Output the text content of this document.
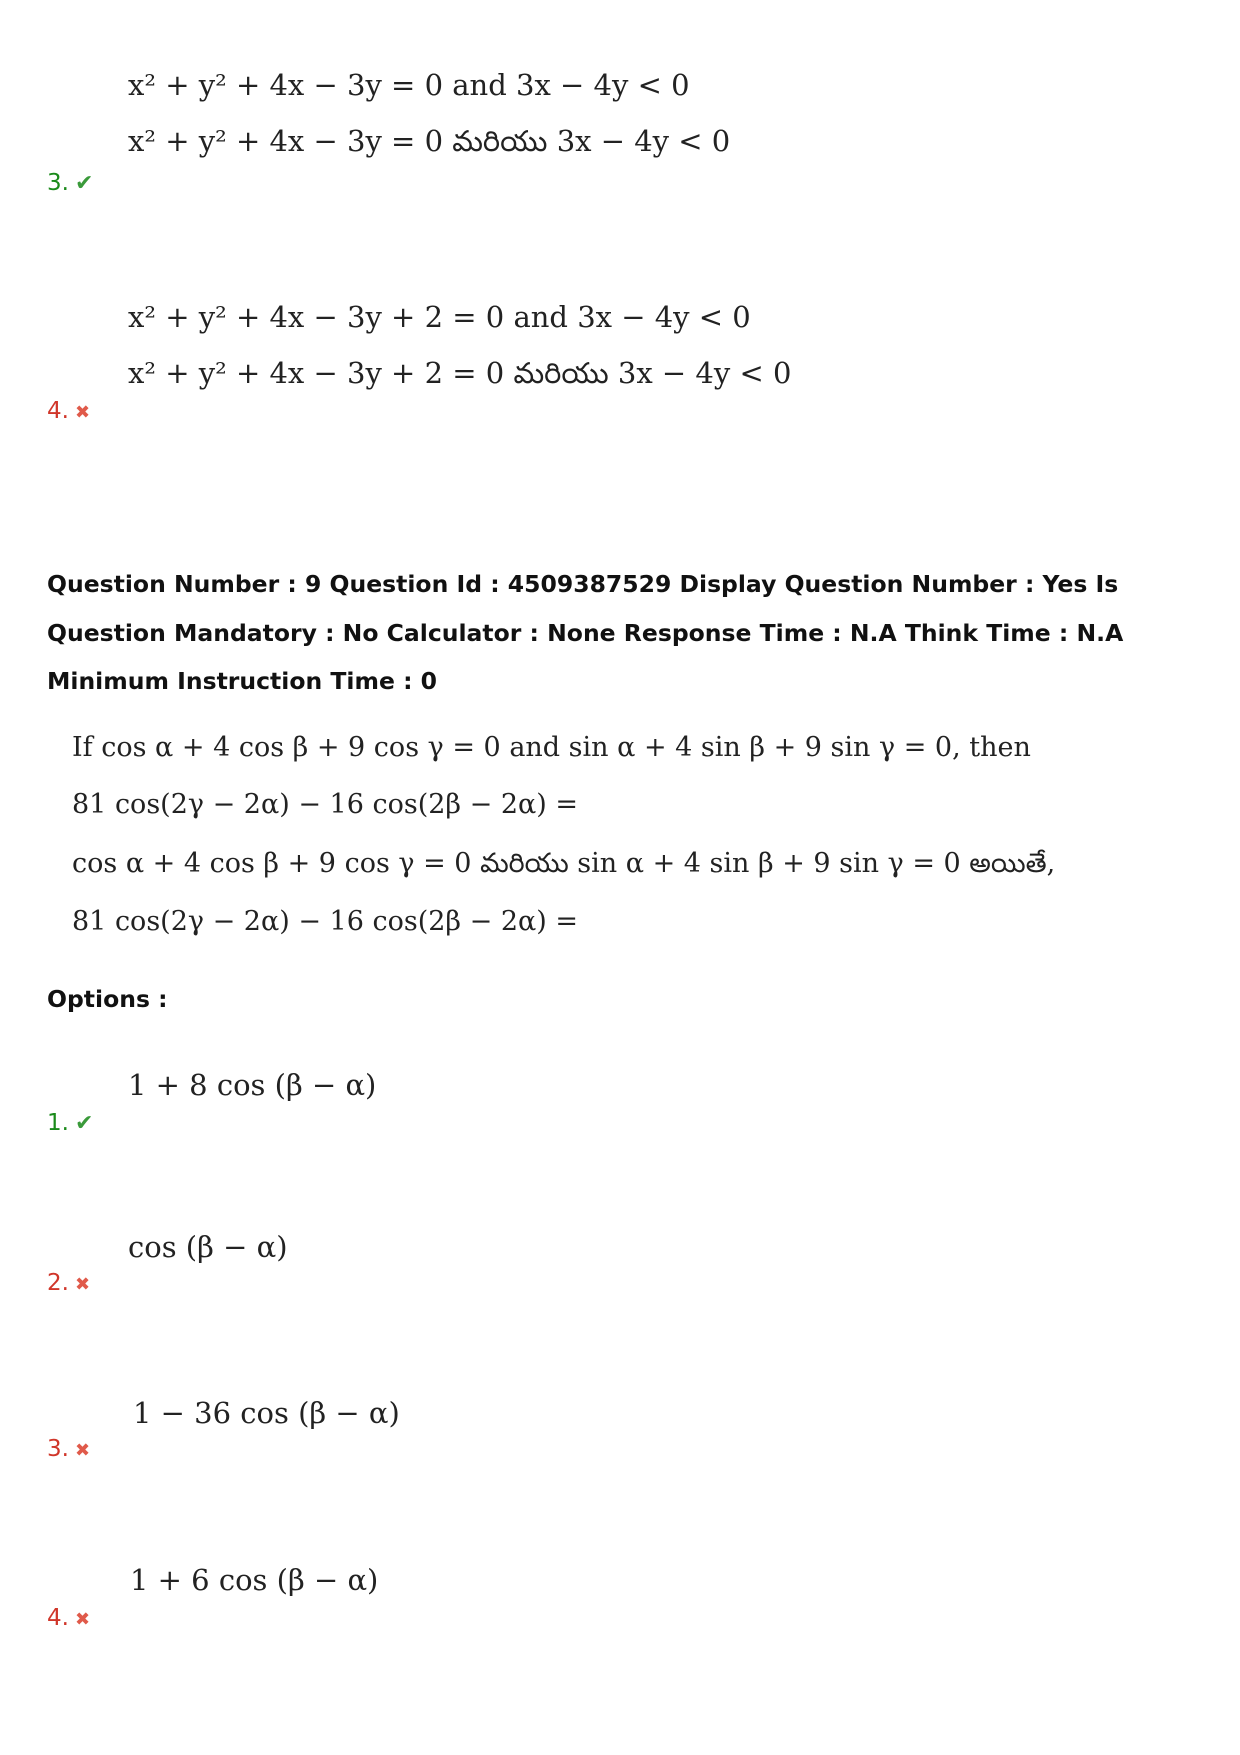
x² + y² + 4x − 3y = 0 and 3x − 4y < 0
x² + y² + 4x − 3y = 0 మరియు 3x − 4y < 0
3. ✔
x² + y² + 4x − 3y + 2 = 0 and 3x − 4y < 0
x² + y² + 4x − 3y + 2 = 0 మరియు 3x − 4y < 0
4. ✖
Question Number : 9 Question Id : 4509387529 Display Question Number : Yes Is Question Mandatory : No Calculator : None Response Time : N.A Think Time : N.A Minimum Instruction Time : 0
If cos α + 4 cos β + 9 cos γ = 0 and sin α + 4 sin β + 9 sin γ = 0, then
81 cos(2γ − 2α) − 16 cos(2β − 2α) =
cos α + 4 cos β + 9 cos γ = 0 మరియు sin α + 4 sin β + 9 sin γ = 0 అయితే,
81 cos(2γ − 2α) − 16 cos(2β − 2α) =
Options :
1 + 8 cos (β − α)
1. ✔
cos (β − α)
2. ✖
1 − 36 cos (β − α)
3. ✖
1 + 6 cos (β − α)
4. ✖
